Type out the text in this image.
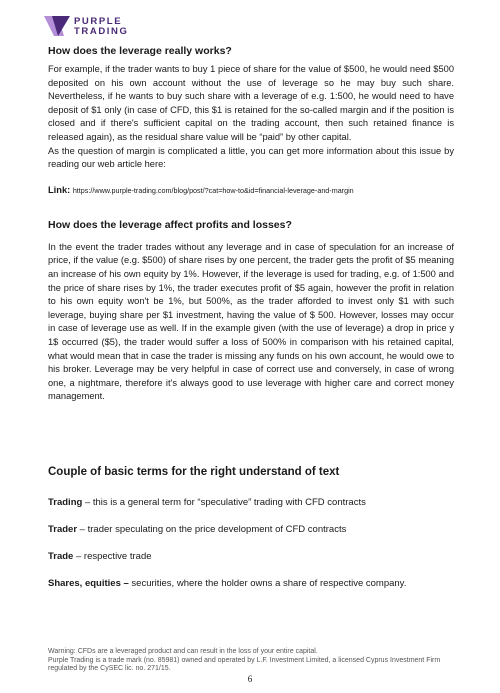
PURPLE
TRADING
How does the leverage really works?

For example, if the trader wants to buy 1 piece of share for the value of $500, he would need $500 deposited on his own account without the use of leverage so he may buy such share. Nevertheless, if he wants to buy such share with a leverage of e.g. 1:500, he would need to have deposit of $1 only (in case of CFD, this $1 is retained for the so-called margin and if the position is closed and if there's sufficient capital on the trading account, then such retained finance is released again), as the residual share value will be “paid” by other capital.

As the question of margin is complicated a little, you can get more information about this issue by reading our web article here:

Link: https://www.purple-trading.com/blog/post/?cat=how-to&id=financial-leverage-and-margin
How does the leverage affect profits and losses?

In the event the trader trades without any leverage and in case of speculation for an increase of price, if the value (e.g. $500) of share rises by one percent, the trader gets the profit of $5 meaning an increase of his own equity by 1%. However, if the leverage is used for trading, e.g. of 1:500 and the price of share rises by 1%, the trader executes profit of $5 again, however the profit in relation to his own equity won't be 1%, but 500%, as the trader afforded to invest only $1 with such leverage, buying share per $1 investment, having the value of $ 500. However, losses may occur in case of leverage use as well. If in the example given (with the use of leverage) a drop in price y 1$ occurred ($5), the trader would suffer a loss of 500% in comparison with his retained capital, what would mean that in case the trader is missing any funds on his own account, he would owe to his broker. Leverage may be very helpful in case of correct use and conversely, in case of wrong one, a nightmare, therefore it's always good to use leverage with higher care and correct money management.

Couple of basic terms for the right understand of text
Trading – this is a general term for “speculative” trading with CFD contracts
Trader – trader speculating on the price development of CFD contracts
Trade – respective trade
Shares, equities – securities, where the holder owns a share of respective company.
Warning: CFDs are a leveraged product and can result in the loss of your entire capital.
Purple Trading is a trade mark (no. 85981) owned and operated by L.F. Investment Limited, a licensed Cyprus Investment Firm regulated by the CySEC lic. no. 271/15.
6
